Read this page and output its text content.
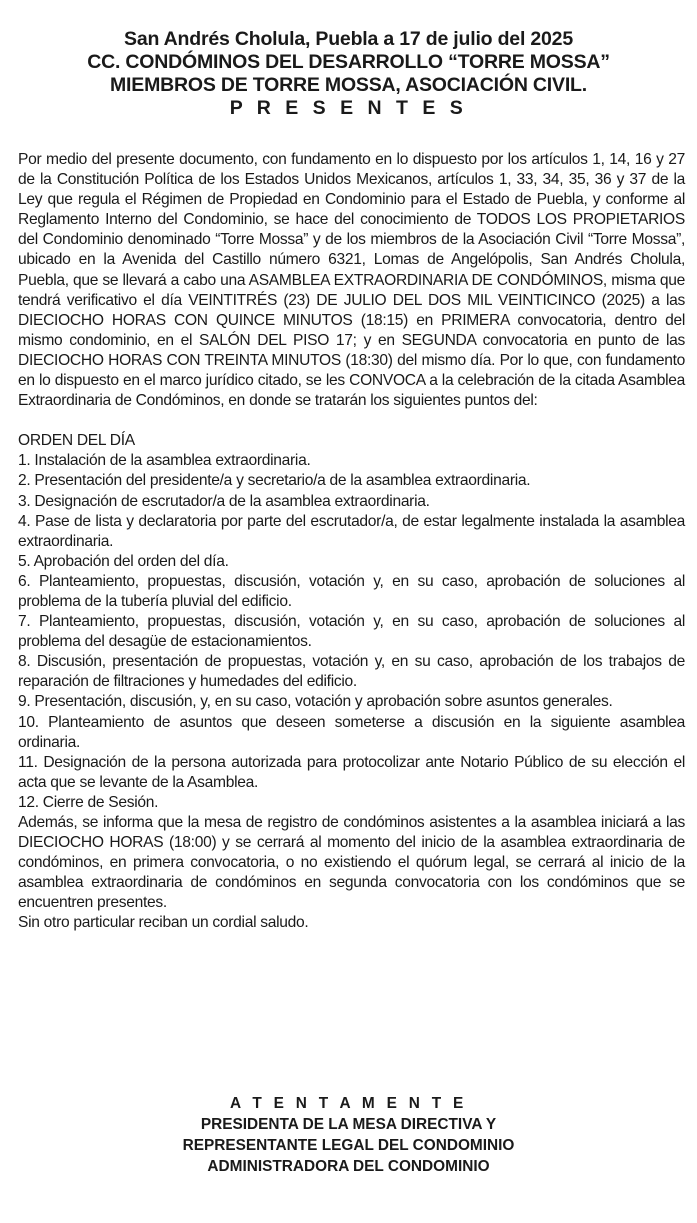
San Andrés Cholula, Puebla a 17 de julio del 2025
CC. CONDÓMINOS DEL DESARROLLO “TORRE MOSSA”
MIEMBROS DE TORRE MOSSA, ASOCIACIÓN CIVIL.
P R E S E N T E S

Por medio del presente documento, con fundamento en lo dispuesto por los artículos 1, 14, 16 y 27 de la Constitución Política de los Estados Unidos Mexicanos, artículos 1, 33, 34, 35, 36 y 37 de la Ley que regula el Régimen de Propiedad en Condominio para el Estado de Puebla, y conforme al Reglamento Interno del Condominio, se hace del conocimiento de TODOS LOS PROPIETARIOS del Condominio denominado “Torre Mossa” y de los miembros de la Asociación Civil “Torre Mossa”, ubicado en la Avenida del Castillo número 6321, Lomas de Angelópolis, San Andrés Cholula, Puebla, que se llevará a cabo una ASAMBLEA EXTRAORDINARIA DE CONDÓMINOS, misma que tendrá verificativo el día VEINTITRÉS (23) DE JULIO DEL DOS MIL VEINTICINCO (2025) a las DIECIOCHO HORAS CON QUINCE MINUTOS (18:15) en PRIMERA convocatoria, dentro del mismo condominio, en el SALÓN DEL PISO 17; y en SEGUNDA convocatoria en punto de las DIECIOCHO HORAS CON TREINTA MINUTOS (18:30) del mismo día. Por lo que, con fundamento en lo dispuesto en el marco jurídico citado, se les CONVOCA a la celebración de la citada Asamblea Extraordinaria de Condóminos, en donde se tratarán los siguientes puntos del:

ORDEN DEL DÍA

1. Instalación de la asamblea extraordinaria.

2. Presentación del presidente/a y secretario/a de la asamblea extraordinaria.

3. Designación de escrutador/a de la asamblea extraordinaria.

4. Pase de lista y declaratoria por parte del escrutador/a, de estar legalmente instalada la asamblea extraordinaria.

5. Aprobación del orden del día.

6. Planteamiento, propuestas, discusión, votación y, en su caso, aprobación de soluciones al problema de la tubería pluvial del edificio.

7. Planteamiento, propuestas, discusión, votación y, en su caso, aprobación de soluciones al problema del desagüe de estacionamientos.

8. Discusión, presentación de propuestas, votación y, en su caso, aprobación de los trabajos de reparación de filtraciones y humedades del edificio.

9. Presentación, discusión, y, en su caso, votación y aprobación sobre asuntos generales.

10. Planteamiento de asuntos que deseen someterse a discusión en la siguiente asamblea ordinaria.

11. Designación de la persona autorizada para protocolizar ante Notario Público de su elección el acta que se levante de la Asamblea.

12. Cierre de Sesión.

Además, se informa que la mesa de registro de condóminos asistentes a la asamblea iniciará a las DIECIOCHO HORAS (18:00) y se cerrará al momento del inicio de la asamblea extraordinaria de condóminos, en primera convocatoria, o no existiendo el quórum legal, se cerrará al inicio de la asamblea extraordinaria de condóminos en segunda convocatoria con los condóminos que se encuentren presentes.

Sin otro particular reciban un cordial saludo.

A T E N T A M E N T E
PRESIDENTA DE LA MESA DIRECTIVA Y
REPRESENTANTE LEGAL DEL CONDOMINIO
ADMINISTRADORA DEL CONDOMINIO
